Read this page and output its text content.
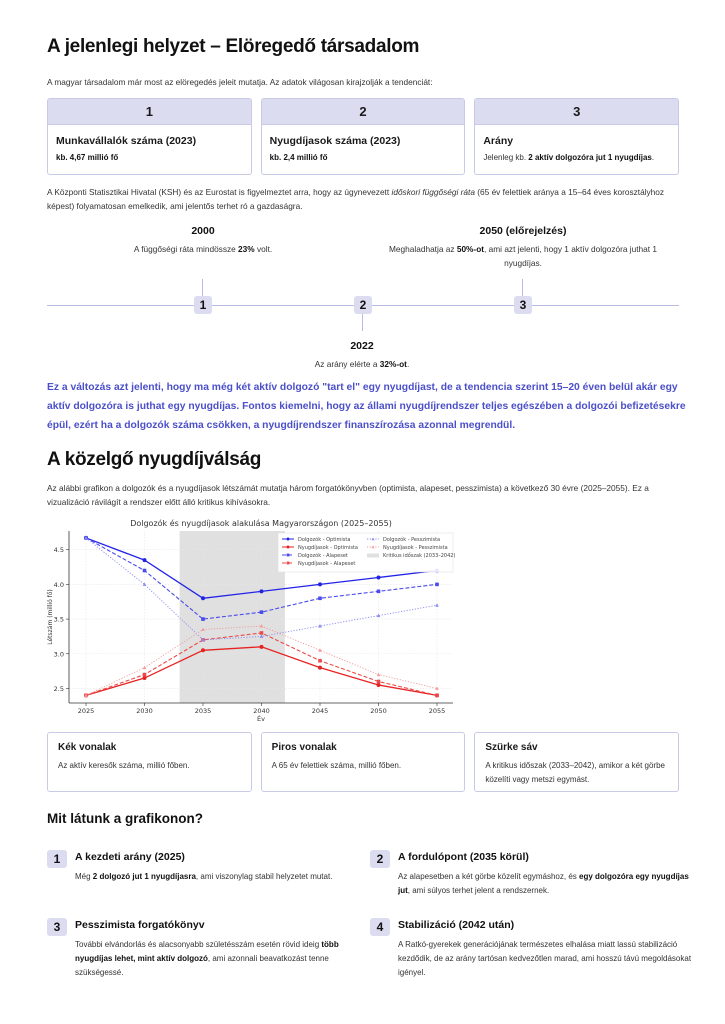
A jelenlegi helyzet – Elöregedő társadalom

A magyar társadalom már most az elöregedés jeleit mutatja. Az adatok világosan kirajzolják a tendenciát:

1
Munkavállalók száma (2023)
kb. 4,67 millió fő
2
Nyugdíjasok száma (2023)
kb. 2,4 millió fő
3
Arány
Jelenleg kb. 2 aktív dolgozóra jut 1 nyugdíjas.

A Központi Statisztikai Hivatal (KSH) és az Eurostat is figyelmeztet arra, hogy az úgynevezett időskori függőségi ráta (65 év felettiek aránya a 15–64 éves korosztályhoz képest) folyamatosan emelkedik, ami jelentős terhet ró a gazdaságra.

2000
A függőségi ráta mindössze 23% volt.
1	2
2022
Az arány elérte a 32%-ot.
2050 (előrejelzés)
Meghaladhatja az 50%-ot, ami azt jelenti, hogy 1 aktív dolgozóra juthat 1 nyugdíjas.
3

Ez a változás azt jelenti, hogy ma még két aktív dolgozó "tart el" egy nyugdíjast, de a tendencia szerint 15–20 éven belül akár egy aktív dolgozóra is juthat egy nyugdíjas. Fontos kiemelni, hogy az állami nyugdíjrendszer teljes egészében a dolgozói befizetésekre épül, ezért ha a dolgozók száma csökken, a nyugdíjrendszer finanszírozása azonnal megrendül.

A közelgő nyugdíjválság

Az alábbi grafikon a dolgozók és a nyugdíjasok létszámát mutatja három forgatókönyvben (optimista, alapeset, pesszimista) a következő 30 évre (2025–2055). Ez a vizualizáció rávilágít a rendszer előtt álló kritikus kihívásokra.

2.5
3.0
3.5
4.0
4.5
2025	2030	2035	2040	2045	2050	2055
Év
Létszám (millió fő)
Dolgozók és nyugdíjasok alakulása Magyarországon (2025–2055)
Dolgozók - Optimista
Nyugdíjasok - Optimista
Dolgozók - Alapeset
Nyugdíjasok - Alapeset
Dolgozók - Pesszimista
Nyugdíjasok - Pesszimista
Kritikus időszak (2033–2042)
Kék vonalak
Az aktív keresők száma, millió főben.
Piros vonalak
A 65 év felettiek száma, millió főben.
Szürke sáv
A kritikus időszak (2033–2042), amikor a két görbe közelíti vagy metszi egymást.
Mit látunk a grafikonon?
1	A kezdeti arány (2025)
Még 2 dolgozó jut 1 nyugdíjasra, ami viszonylag stabil helyzetet mutat.
2	A fordulópont (2035 körül)
Az alapesetben a két görbe közelít egymáshoz, és egy dolgozóra egy nyugdíjas jut, ami súlyos terhet jelent a rendszernek.
3	Pesszimista forgatókönyv
További elvándorlás és alacsonyabb születésszám esetén rövid ideig több nyugdíjas lehet, mint aktív dolgozó, ami azonnali beavatkozást tenne szükségessé.
4	Stabilizáció (2042 után)
A Ratkó-gyerekek generációjának természetes elhalása miatt lassú stabilizáció kezdődik, de az arány tartósan kedvezőtlen marad, ami hosszú távú megoldásokat igényel.
